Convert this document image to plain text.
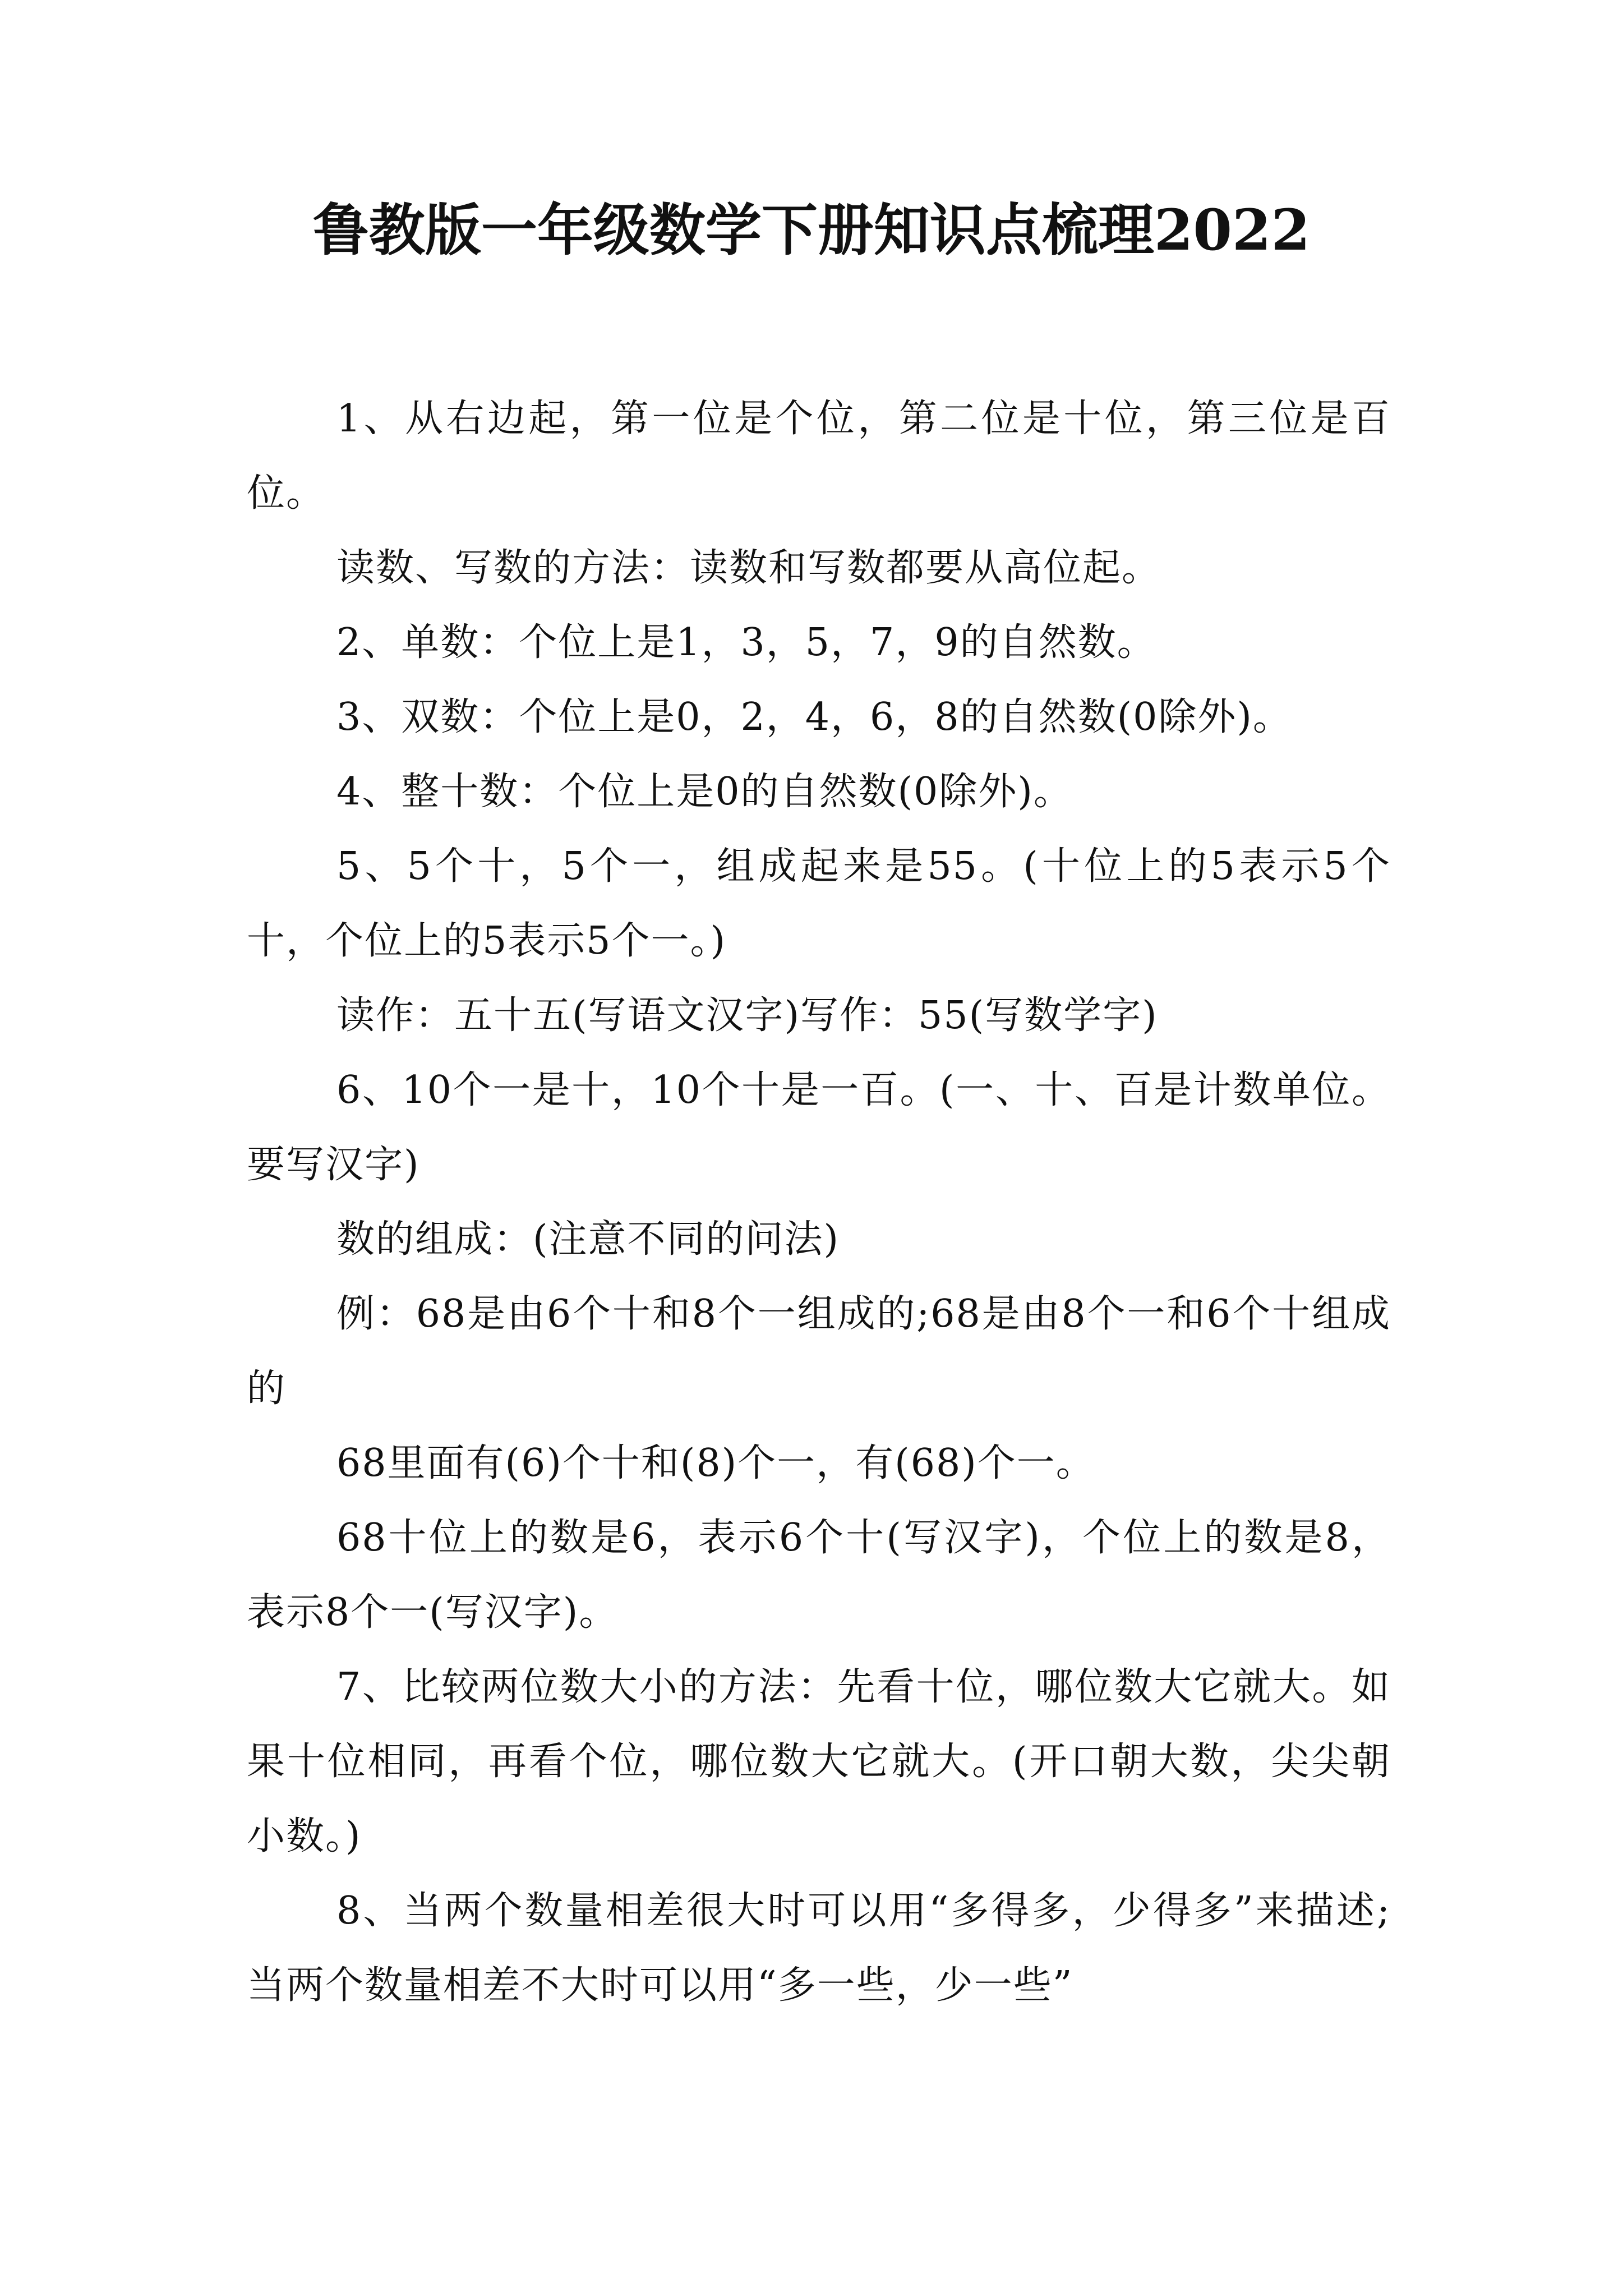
鲁教版一年级数学下册知识点梳理2022

1、从右边起，第一位是个位，第二位是十位，第三位是百位。

读数、写数的方法：读数和写数都要从高位起。

2、单数：个位上是1，3，5，7，9的自然数。

3、双数：个位上是0，2，4，6，8的自然数(0除外)。

4、整十数：个位上是0的自然数(0除外)。

5、5个十，5个一，组成起来是55。(十位上的5表示5个十，个位上的5表示5个一。)

读作：五十五(写语文汉字)写作：55(写数学字)

6、10个一是十，10个十是一百。(一、十、百是计数单位。要写汉字)

数的组成：(注意不同的问法)

例：68是由6个十和8个一组成的;68是由8个一和6个十组成的

68里面有(6)个十和(8)个一，有(68)个一。

68十位上的数是6，表示6个十(写汉字)，个位上的数是8，表示8个一(写汉字)。

7、比较两位数大小的方法：先看十位，哪位数大它就大。如果十位相同，再看个位，哪位数大它就大。(开口朝大数，尖尖朝小数。)

8、当两个数量相差很大时可以用“多得多，少得多”来描述;当两个数量相差不大时可以用“多一些，少一些”
